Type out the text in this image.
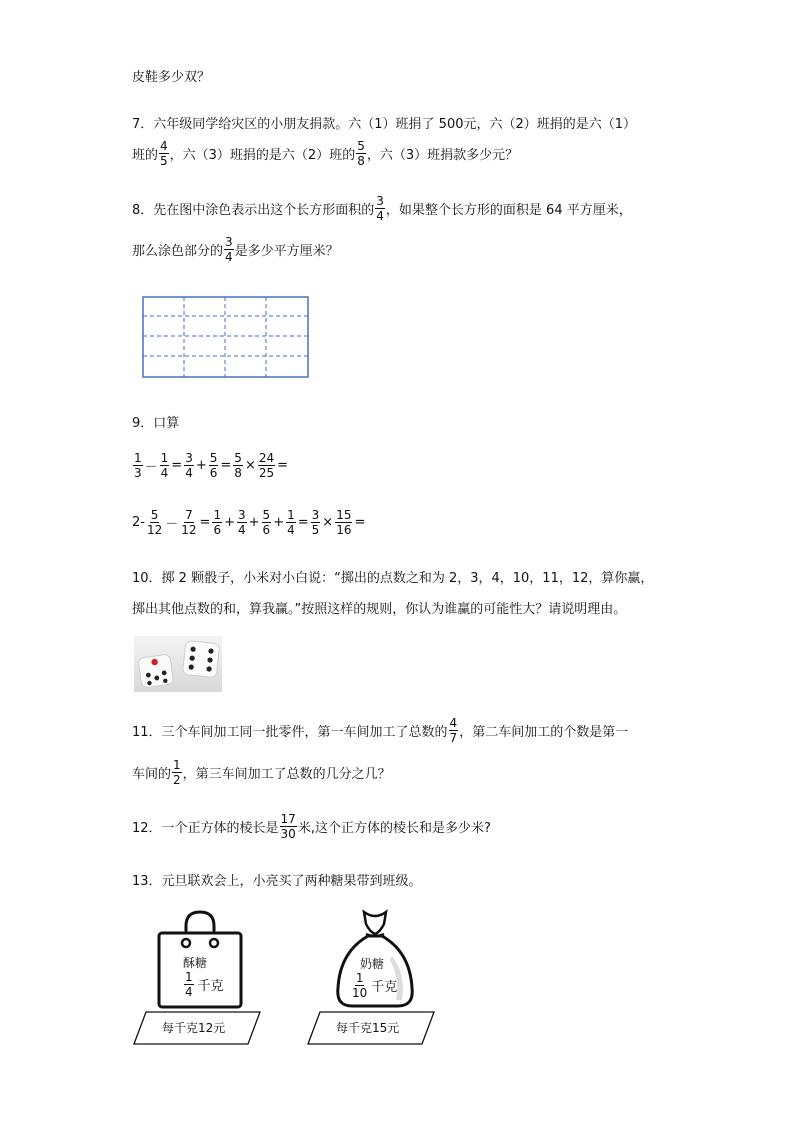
皮鞋多少双？
7．六年级同学给灾区的小朋友捐款。六（1）班捐了 500元，六（2）班捐的是六（1）
班的 $\frac{4}{5}$ ，六（3）班捐的是六（2）班的 $\frac{5}{8}$ ，六（3）班捐款多少元？
8．先在图中涂色表示出这个长方形面积的 $\frac{3}{4}$ ，如果整个长方形的面积是 64 平方厘米，
那么涂色部分的 $\frac{3}{4}$ 是多少平方厘米？
9．口算
$\frac{1}{3} - \frac{1}{4} = \frac{3}{4} + \frac{5}{6} = \frac{5}{8} \times \frac{24}{25}$ =
$2- \frac{5}{12} - \frac{7}{12} = \frac{1}{6} + \frac{3}{4} + \frac{5}{6} + \frac{1}{4} = \frac{3}{5} \times \frac{15}{16}$ =
10．掷 2 颗骰子，小米对小白说：“掷出的点数之和为 2，3，4，10，11，12，算你赢，
掷出其他点数的和，算我赢。”按照这样的规则，你认为谁赢的可能性大？请说明理由。
11．三个车间加工同一批零件，第一车间加工了总数的 $\frac{4}{7}$ ，第二车间加工的个数是第一
车间的 $\frac{1}{2}$ ，第三车间加工了总数的几分之几？
12．一个正方体的棱长是 $\frac{17}{30}$ 米,这个正方体的棱长和是多少米?
13．元旦联欢会上，小亮买了两种糖果带到班级。
酥糖
$\frac{1}{4}$ 千克
每千克12元
奶糖
$\frac{1}{10}$ 千克
每千克15元
